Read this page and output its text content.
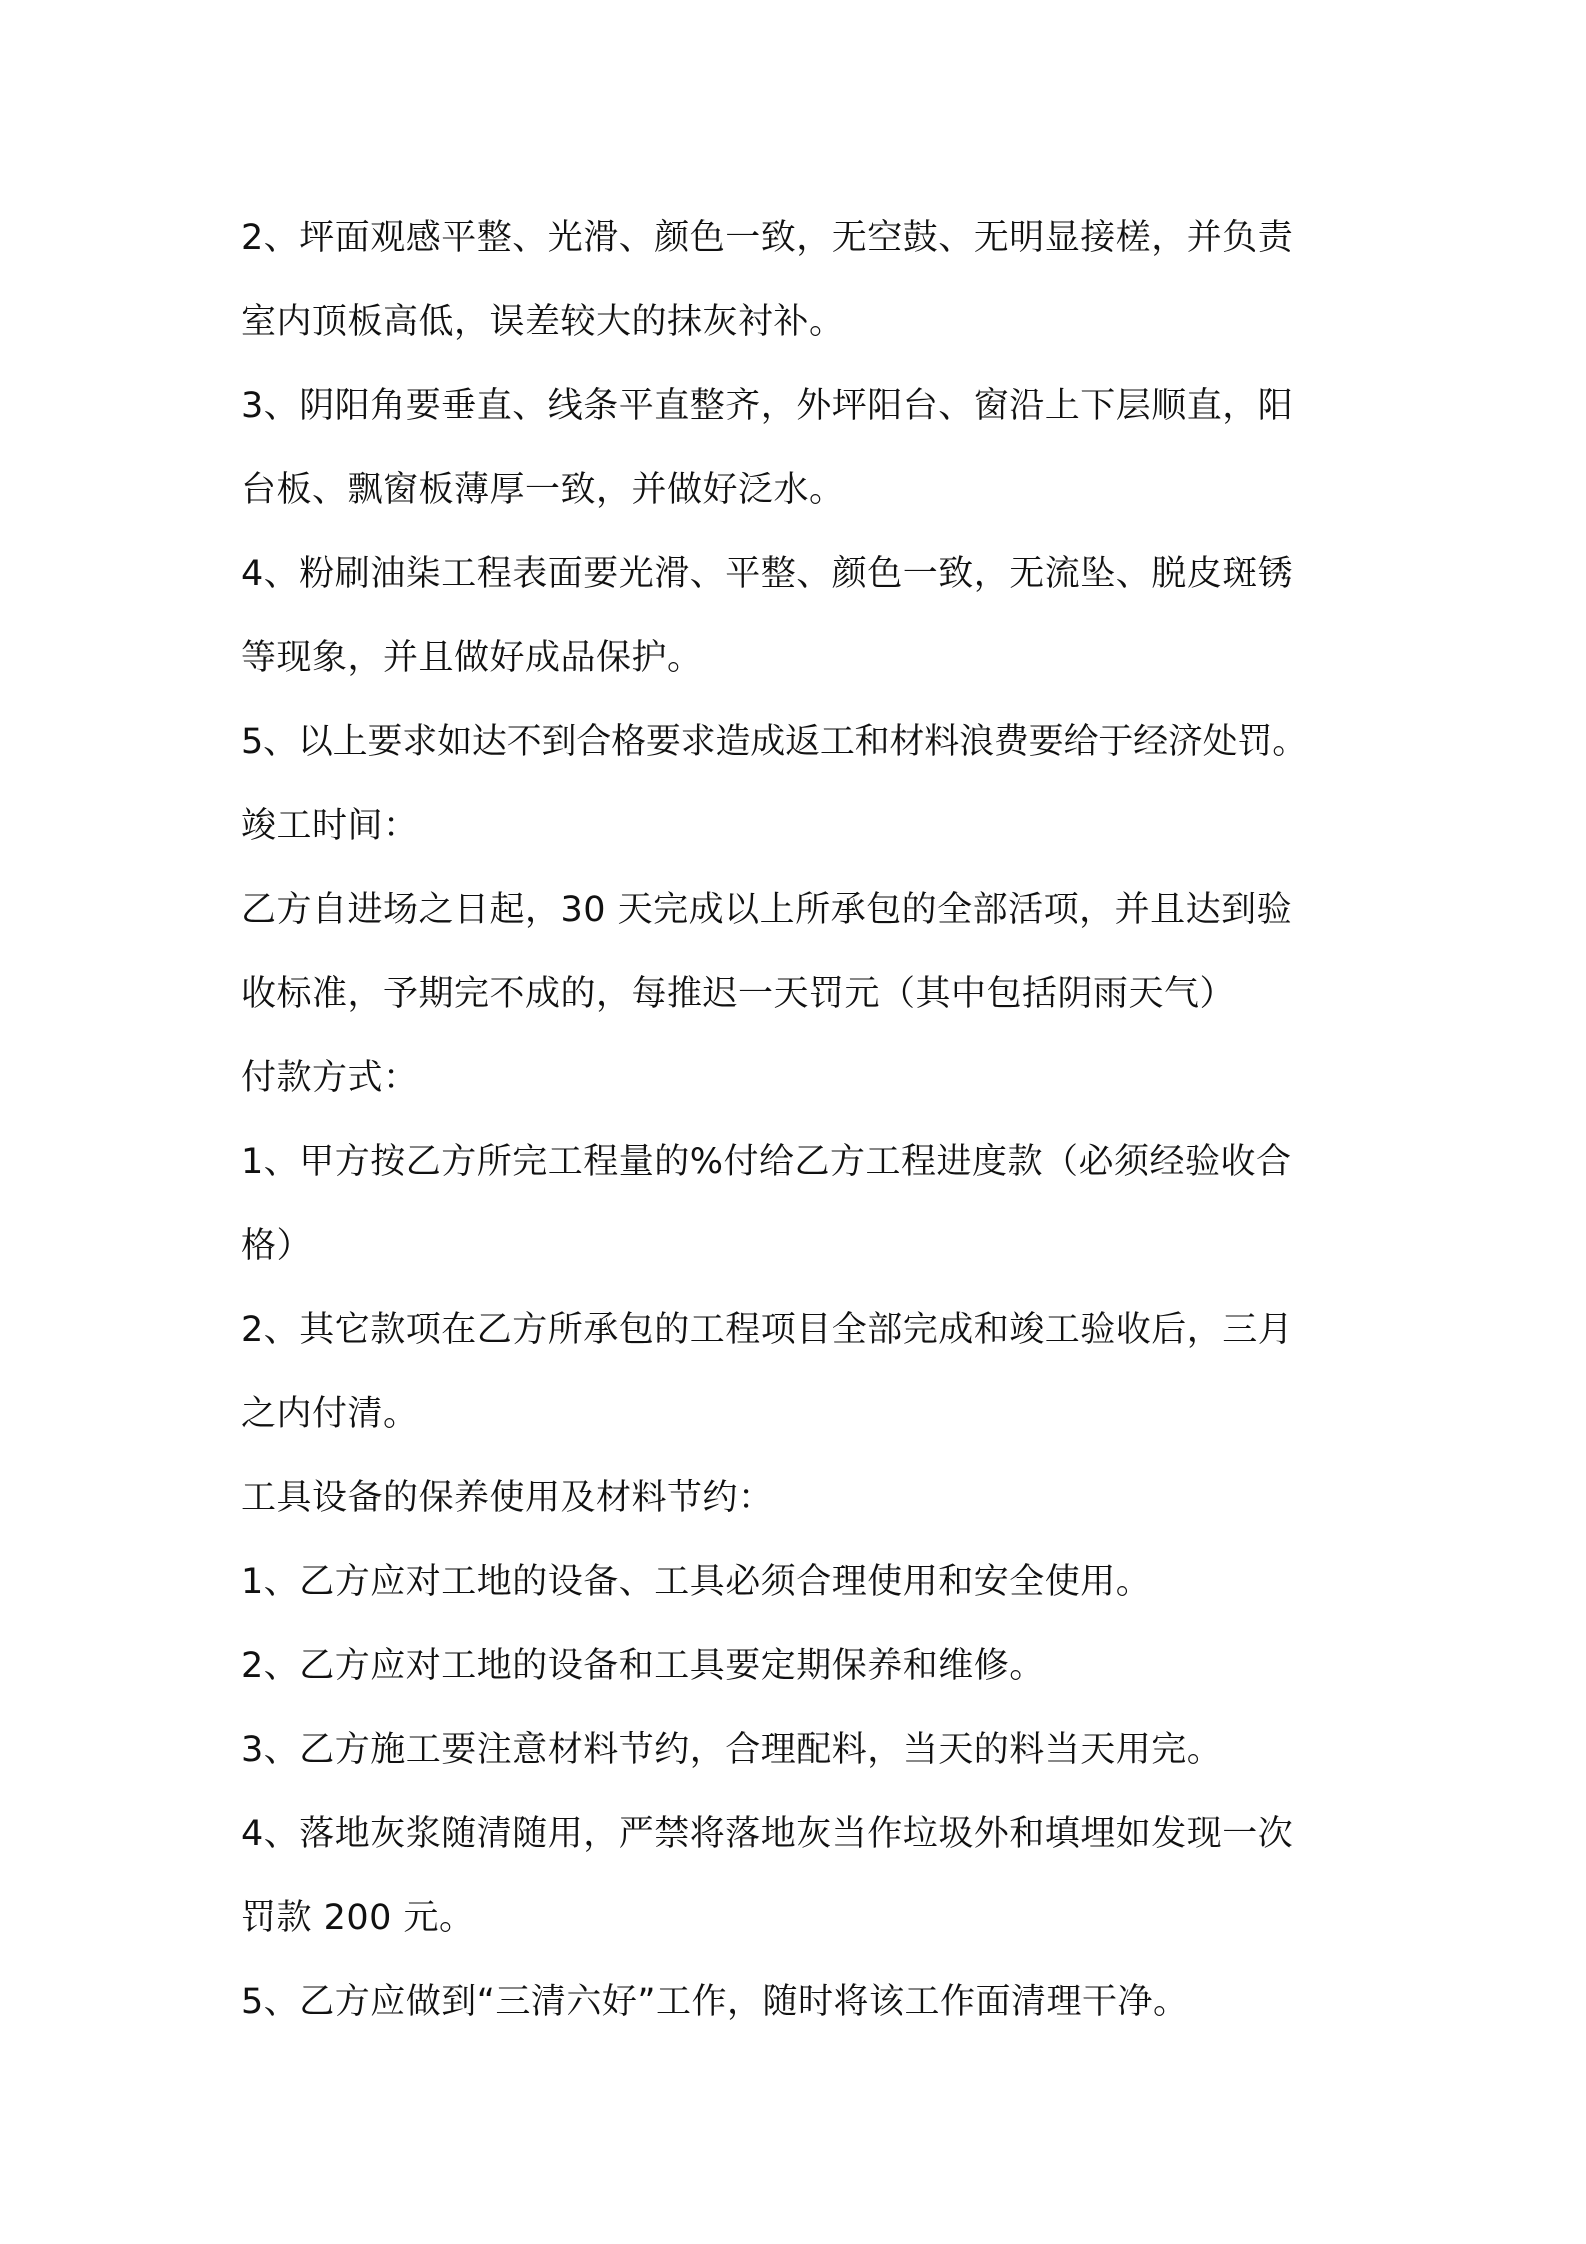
2、坪面观感平整、光滑、颜色一致，无空鼓、无明显接槎，并负责
室内顶板高低，误差较大的抹灰衬补。
3、阴阳角要垂直、线条平直整齐，外坪阳台、窗沿上下层顺直，阳
台板、飘窗板薄厚一致，并做好泛水。
4、粉刷油柒工程表面要光滑、平整、颜色一致，无流坠、脱皮斑锈
等现象，并且做好成品保护。
5、以上要求如达不到合格要求造成返工和材料浪费要给于经济处罚。
竣工时间：
乙方自进场之日起，30 天完成以上所承包的全部活项，并且达到验
收标准，予期完不成的，每推迟一天罚元（其中包括阴雨天气）
付款方式：
1、甲方按乙方所完工程量的%付给乙方工程进度款（必须经验收合
格）
2、其它款项在乙方所承包的工程项目全部完成和竣工验收后，三月
之内付清。
工具设备的保养使用及材料节约：
1、乙方应对工地的设备、工具必须合理使用和安全使用。
2、乙方应对工地的设备和工具要定期保养和维修。
3、乙方施工要注意材料节约，合理配料，当天的料当天用完。
4、落地灰浆随清随用，严禁将落地灰当作垃圾外和填埋如发现一次
罚款 200 元。
5、乙方应做到“三清六好”工作，随时将该工作面清理干净。
